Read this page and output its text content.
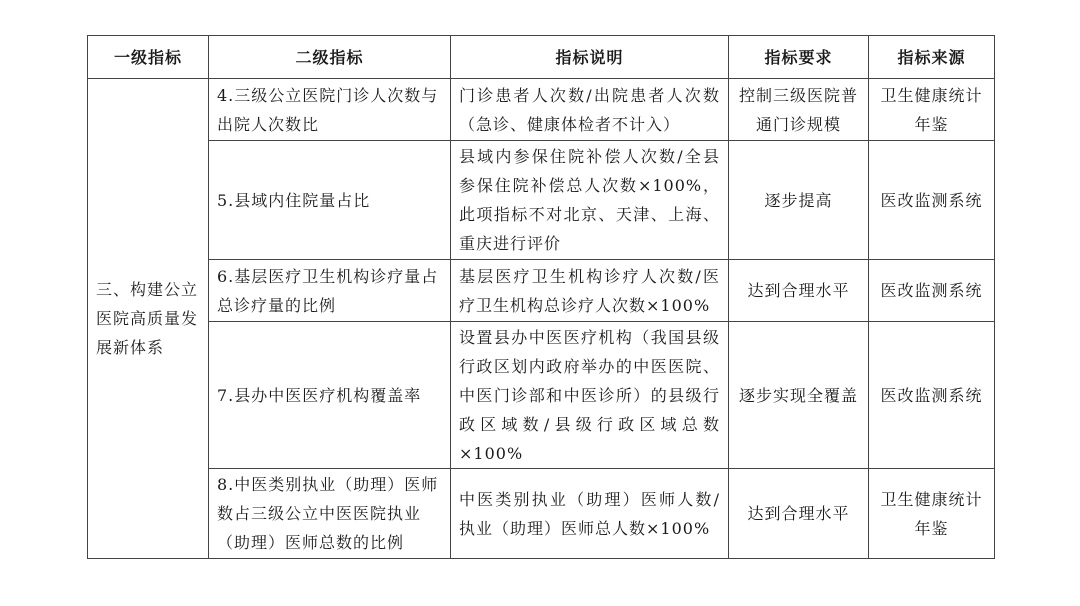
一级指标	二级指标	指标说明	指标要求	指标来源
三、构建公立医院高质量发展新体系	4.三级公立医院门诊人次数与出院人次数比	门诊患者人次数/出院患者人次数（急诊、健康体检者不计入）	控制三级医院普通门诊规模	卫生健康统计年鉴
	5.县域内住院量占比	县域内参保住院补偿人次数/全县参保住院补偿总人次数×100%，此项指标不对北京、天津、上海、重庆进行评价	逐步提高	医改监测系统
	6.基层医疗卫生机构诊疗量占总诊疗量的比例	基层医疗卫生机构诊疗人次数/医疗卫生机构总诊疗人次数×100%	达到合理水平	医改监测系统
	7.县办中医医疗机构覆盖率	设置县办中医医疗机构（我国县级行政区划内政府举办的中医医院、中医门诊部和中医诊所）的县级行政区域数/县级行政区域总数×100%	逐步实现全覆盖	医改监测系统
	8.中医类别执业（助理）医师数占三级公立中医医院执业（助理）医师总数的比例	中医类别执业（助理）医师人数/执业（助理）医师总人数×100%	达到合理水平	卫生健康统计年鉴
